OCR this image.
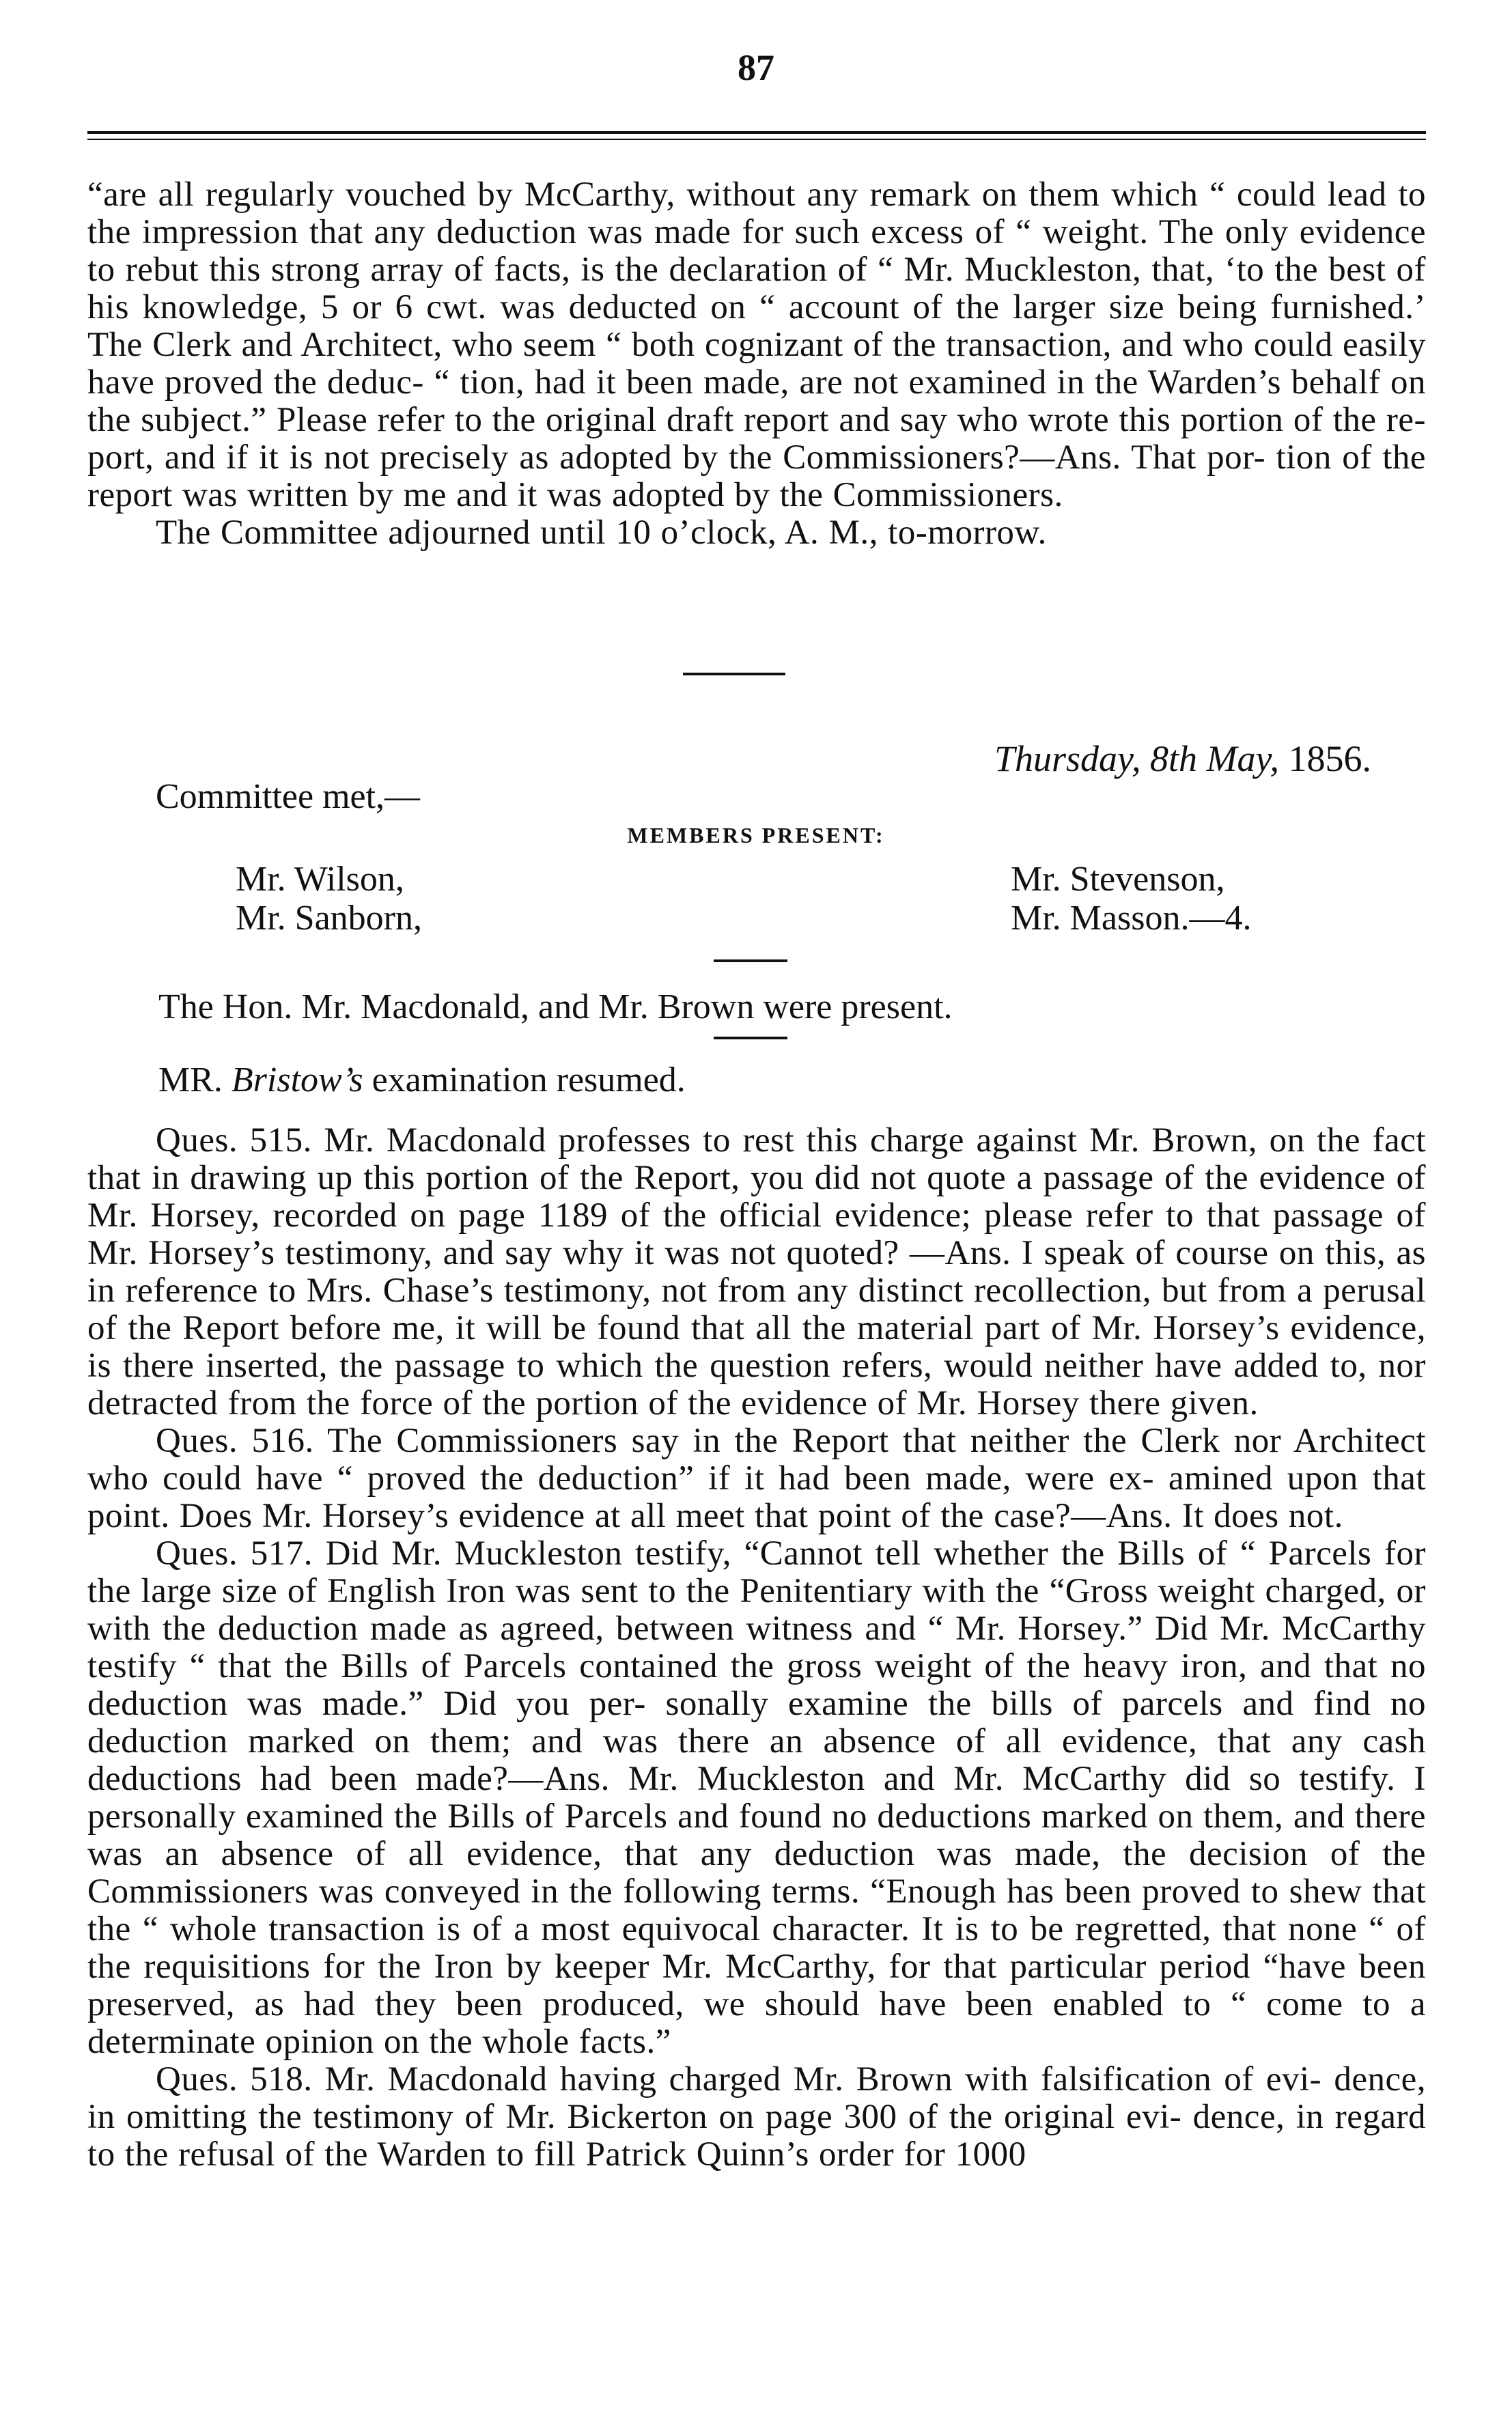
87

“are all regularly vouched by McCarthy, without any remark on them which “ could lead to the impression that any deduction was made for such excess of “ weight. The only evidence to rebut this strong array of facts, is the declaration of “ Mr. Muckleston, that, ‘to the best of his knowledge, 5 or 6 cwt. was deducted on “ account of the larger size being furnished.’ The Clerk and Architect, who seem “ both cognizant of the transaction, and who could easily have proved the deduc- “ tion, had it been made, are not examined in the Warden’s behalf on the subject.” Please refer to the original draft report and say who wrote this portion of the re- port, and if it is not precisely as adopted by the Commissioners?—Ans. That por- tion of the report was written by me and it was adopted by the Commissioners.

The Committee adjourned until 10 o’clock, A. M., to-morrow.

Thursday, 8th May, 1856.
Committee met,—
MEMBERS PRESENT:
Mr. Wilson,
Mr. Sanborn,
Mr. Stevenson,
Mr. Masson.—4.
The Hon. Mr. Macdonald, and Mr. Brown were present.
MR. Bristow’s examination resumed.

Ques. 515. Mr. Macdonald professes to rest this charge against Mr. Brown, on the fact that in drawing up this portion of the Report, you did not quote a passage of the evidence of Mr. Horsey, recorded on page 1189 of the official evidence; please refer to that passage of Mr. Horsey’s testimony, and say why it was not quoted? —Ans. I speak of course on this, as in reference to Mrs. Chase’s testimony, not from any distinct recollection, but from a perusal of the Report before me, it will be found that all the material part of Mr. Horsey’s evidence, is there inserted, the passage to which the question refers, would neither have added to, nor detracted from the force of the portion of the evidence of Mr. Horsey there given.

Ques. 516. The Commissioners say in the Report that neither the Clerk nor Architect who could have “ proved the deduction” if it had been made, were ex- amined upon that point. Does Mr. Horsey’s evidence at all meet that point of the case?—Ans. It does not.

Ques. 517. Did Mr. Muckleston testify, “Cannot tell whether the Bills of “ Parcels for the large size of English Iron was sent to the Penitentiary with the “Gross weight charged, or with the deduction made as agreed, between witness and “ Mr. Horsey.” Did Mr. McCarthy testify “ that the Bills of Parcels contained the gross weight of the heavy iron, and that no deduction was made.” Did you per- sonally examine the bills of parcels and find no deduction marked on them; and was there an absence of all evidence, that any cash deductions had been made?—Ans. Mr. Muckleston and Mr. McCarthy did so testify. I personally examined the Bills of Parcels and found no deductions marked on them, and there was an absence of all evidence, that any deduction was made, the decision of the Commissioners was conveyed in the following terms. “Enough has been proved to shew that the “ whole transaction is of a most equivocal character. It is to be regretted, that none “ of the requisitions for the Iron by keeper Mr. McCarthy, for that particular period “have been preserved, as had they been produced, we should have been enabled to “ come to a determinate opinion on the whole facts.”

Ques. 518. Mr. Macdonald having charged Mr. Brown with falsification of evi- dence, in omitting the testimony of Mr. Bickerton on page 300 of the original evi- dence, in regard to the refusal of the Warden to fill Patrick Quinn’s order for 1000
